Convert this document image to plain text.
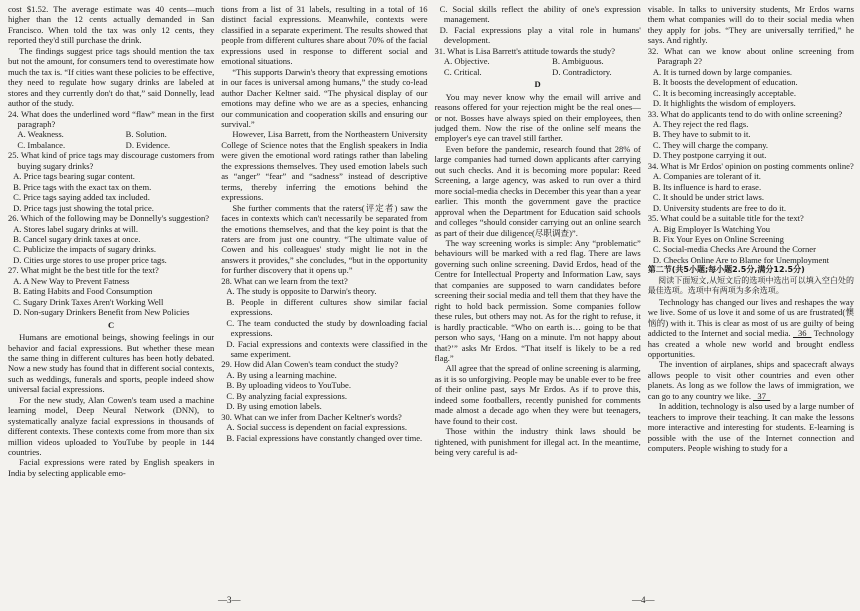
cost $1.52. The average estimate was 40 cents—much higher than the 12 cents actually demanded in San Francisco. When told the tax was only 12 cents, they reported they'd still purchase the drink.

The findings suggest price tags should mention the tax but not the amount, for consumers tend to overestimate how much the tax is. “If cities want these policies to be effective, they need to regulate how sugary drinks are labeled at stores and they currently don't do that,” said Donnelly, lead author of the study.

24. What does the underlined word “flaw” mean in the first paragraph?

A. Weakness.	B. Solution.
C. Imbalance.	D. Evidence.

25. What kind of price tags may discourage customers from buying sugary drinks?

A. Price tags bearing sugar content.

B. Price tags with the exact tax on them.

C. Price tags saying added tax included.

D. Price tags just showing the total price.

26. Which of the following may be Donnelly's suggestion?

A. Stores label sugary drinks at will.

B. Cancel sugary drink taxes at once.

C. Publicize the impacts of sugary drinks.

D. Cities urge stores to use proper price tags.

27. What might be the best title for the text?

A. A New Way to Prevent Fatness

B. Eating Habits and Food Consumption

C. Sugary Drink Taxes Aren't Working Well

D. Non-sugary Drinkers Benefit from New Policies

C

Humans are emotional beings, showing feelings in our behavior and facial expressions. But whether these mean the same thing in different cultures has been hotly debated. Now a new study has found that in different social contexts, such as weddings, funerals and sports, people indeed show universal facial expressions.

For the new study, Alan Cowen's team used a machine learning model, Deep Neural Network (DNN), to systematically analyze facial expressions in thousands of different contexts. These contexts come from more than six million videos uploaded to YouTube by people in 144 countries.

Facial expressions were rated by English speakers in India by selecting applicable emo-

tions from a list of 31 labels, resulting in a total of 16 distinct facial expressions. Meanwhile, contexts were classified in a separate experiment. The results showed that people from different cultures share about 70% of the facial expressions used in response to different social and emotional situations.

“This supports Darwin's theory that expressing emotions in our faces is universal among humans,” the study co-lead author Dacher Keltner said. “The physical display of our emotions may define who we are as a species, enhancing our communication and cooperation skills and ensuring our survival.”

However, Lisa Barrett, from the Northeastern University College of Science notes that the English speakers in India were given the emotional word ratings rather than labeling the expressions themselves. They used emotion labels such as “anger” “fear” and “sadness” instead of descriptive terms, thereby inferring the emotions behind the expressions.

She further comments that the raters(评定者) saw the faces in contexts which can't necessarily be separated from the emotions themselves, and that the key point is that the raters are from just one country. “The ultimate value of Cowen and his colleagues' study might lie not in the answers it provides,” she concludes, “but in the opportunity for further discovery that it opens up.”

28. What can we learn from the text?

A. The study is opposite to Darwin's theory.

B. People in different cultures show similar facial expressions.

C. The team conducted the study by downloading facial expressions.

D. Facial expressions and contexts were classified in the same experiment.

29. How did Alan Cowen's team conduct the study?

A. By using a learning machine.

B. By uploading videos to YouTube.

C. By analyzing facial expressions.

D. By using emotion labels.

30. What can we infer from Dacher Keltner's words?

A. Social success is dependent on facial expressions.

B. Facial expressions have constantly changed over time.

C. Social skills reflect the ability of one's expression management.

D. Facial expressions play a vital role in humans' development.

31. What is Lisa Barrett's attitude towards the study?

A. Objective.	B. Ambiguous.
C. Critical.	D. Contradictory.
D

You may never know why the email will arrive and reasons offered for your rejection might be the real ones—or not. Bosses have always spied on their employees, then judged them. Now the rise of the online self means the employer's eye can travel still farther.

Even before the pandemic, research found that 28% of large companies had turned down applicants after carrying out such checks. And it is becoming more popular: Reed Screening, a large agency, was asked to run over a third more social-media checks in December this year than a year earlier. This month the government gave the practice approval when the Department for Education said schools and colleges “should consider carrying out an online search as part of their due diligence(尽职调查)”.

The way screening works is simple: Any “problematic” behaviours will be marked with a red flag. There are laws governing such online screening. David Erdos, head of the Centre for Intellectual Property and Information Law, says that companies are supposed to warn candidates before screening their social media and tell them that they have the right to hold back permission. Some companies follow these rules, but others may not. As for the right to refuse, it is hardly practicable. “Who on earth is… going to be that person who says, ‘Hang on a minute. I'm not happy about that?’” asks Mr Erdos. “That itself is likely to be a red flag.”

All agree that the spread of online screening is alarming, as it is so unforgiving. People may be unable ever to be free of their online past, says Mr Erdos. As if to prove this, indeed some footballers, recently punished for comments made almost a decade ago when they were but teenagers, have found to their cost.

Those within the industry think laws should be tightened, with punishment for illegal act. In the meantime, being very careful is ad-

visable. In talks to university students, Mr Erdos warns them what companies will do to their social media when they apply for jobs. “They are universally terrified,” he says. And rightly.

32. What can we know about online screening from Paragraph 2?

A. It is turned down by large companies.

B. It boosts the development of education.

C. It is becoming increasingly acceptable.

D. It highlights the wisdom of employers.

33. What do applicants tend to do with online screening?

A. They reject the red flags.

B. They have to submit to it.

C. They will charge the company.

D. They postpone carrying it out.

34. What is Mr Erdos' opinion on posting comments online?

A. Companies are tolerant of it.

B. Its influence is hard to erase.

C. It should be under strict laws.

D. University students are free to do it.

35. What could be a suitable title for the text?

A. Big Employer Is Watching You

B. Fix Your Eyes on Online Screening

C. Social-media Checks Are Around the Corner

D. Checks Online Are to Blame for Unemployment

第二节(共5小题;每小题2.5分,满分12.5分)

阅读下面短文,从短文后的选项中选出可以填入空白处的最佳选项。选项中有两项为多余选项。

Technology has changed our lives and reshapes the way we live. Some of us love it and some of us are frustrated(懊恼的) with it. This is clear as most of us are guilty of being addicted to the Internet and social media. 36 Technology has created a whole new world and brought endless opportunities.

The invention of airplanes, ships and spacecraft always allows people to visit other countries and even other planets. As long as we follow the laws of immigration, we can go to any country we like. 37

In addition, technology is also used by a large number of teachers to improve their teaching. It can make the lessons more interactive and interesting for students. E-learning is possible with the use of the Internet connection and computers. People wishing to study for a

—3—	—4—
